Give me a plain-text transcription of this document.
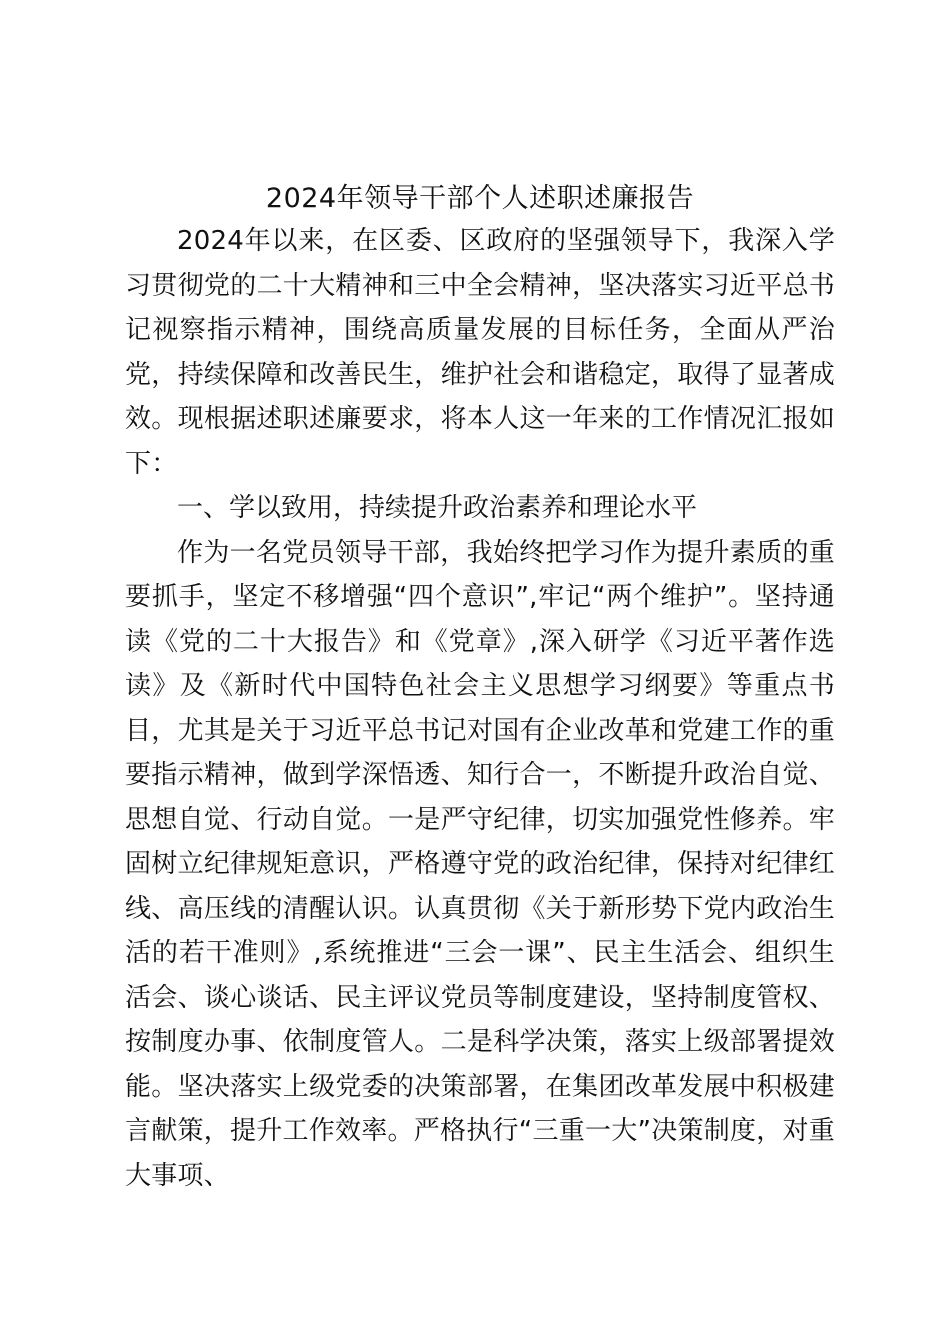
2024年领导干部个人述职述廉报告

2024年以来，在区委、区政府的坚强领导下，我深入学习贯彻党的二十大精神和三中全会精神，坚决落实习近平总书记视察指示精神，围绕高质量发展的目标任务，全面从严治党，持续保障和改善民生，维护社会和谐稳定，取得了显著成效。现根据述职述廉要求，将本人这一年来的工作情况汇报如下：

一、学以致用，持续提升政治素养和理论水平

作为一名党员领导干部，我始终把学习作为提升素质的重要抓手，坚定不移增强“四个意识”,牢记“两个维护”。坚持通读《党的二十大报告》和《党章》,深入研学《习近平著作选读》及《新时代中国特色社会主义思想学习纲要》等重点书目，尤其是关于习近平总书记对国有企业改革和党建工作的重要指示精神，做到学深悟透、知行合一，不断提升政治自觉、思想自觉、行动自觉。一是严守纪律，切实加强党性修养。牢固树立纪律规矩意识，严格遵守党的政治纪律，保持对纪律红线、高压线的清醒认识。认真贯彻《关于新形势下党内政治生活的若干准则》,系统推进“三会一课”、民主生活会、组织生活会、谈心谈话、民主评议党员等制度建设，坚持制度管权、按制度办事、依制度管人。二是科学决策，落实上级部署提效能。坚决落实上级党委的决策部署，在集团改革发展中积极建言献策，提升工作效率。严格执行“三重一大”决策制度，对重大事项、
